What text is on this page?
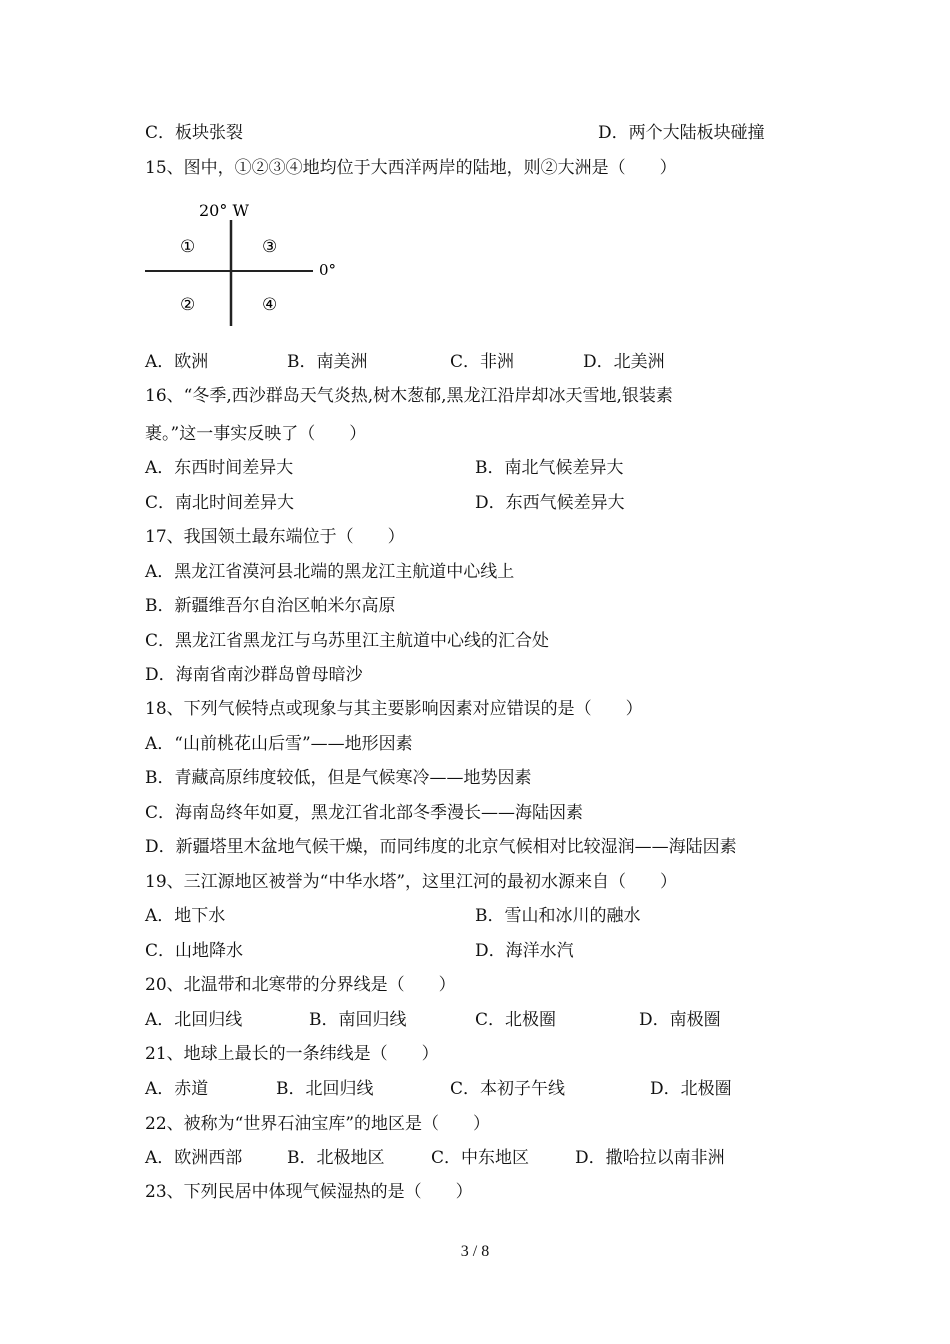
C．板块张裂	D．两个大陆板块碰撞
15、图中，①②③④地均位于大西洋两岸的陆地，则②大洲是（　　）
20° W
0°
①
②
③
④
A．欧洲	B．南美洲	C．非洲	D．北美洲
16、“冬季,西沙群岛天气炎热,树木葱郁,黑龙江沿岸却冰天雪地,银装素
裹。”这一事实反映了（　　）
A．东西时间差异大	B．南北气候差异大
C．南北时间差异大	D．东西气候差异大
17、我国领土最东端位于（　　）
A．黑龙江省漠河县北端的黑龙江主航道中心线上
B．新疆维吾尔自治区帕米尔高原
C．黑龙江省黑龙江与乌苏里江主航道中心线的汇合处
D．海南省南沙群岛曾母暗沙
18、下列气候特点或现象与其主要影响因素对应错误的是（　　）
A．“山前桃花山后雪”——地形因素
B．青藏高原纬度较低，但是气候寒冷——地势因素
C．海南岛终年如夏，黑龙江省北部冬季漫长——海陆因素
D．新疆塔里木盆地气候干燥，而同纬度的北京气候相对比较湿润——海陆因素
19、三江源地区被誉为“中华水塔”，这里江河的最初水源来自（　　）
A．地下水	B．雪山和冰川的融水
C．山地降水	D．海洋水汽
20、北温带和北寒带的分界线是（　　）
A．北回归线	B．南回归线	C．北极圈	D．南极圈
21、地球上最长的一条纬线是（　　）
A．赤道	B．北回归线	C．本初子午线	D．北极圈
22、被称为“世界石油宝库”的地区是（　　）
A．欧洲西部	B．北极地区	C．中东地区	D．撒哈拉以南非洲
23、下列民居中体现气候湿热的是（　　）
3 / 8
